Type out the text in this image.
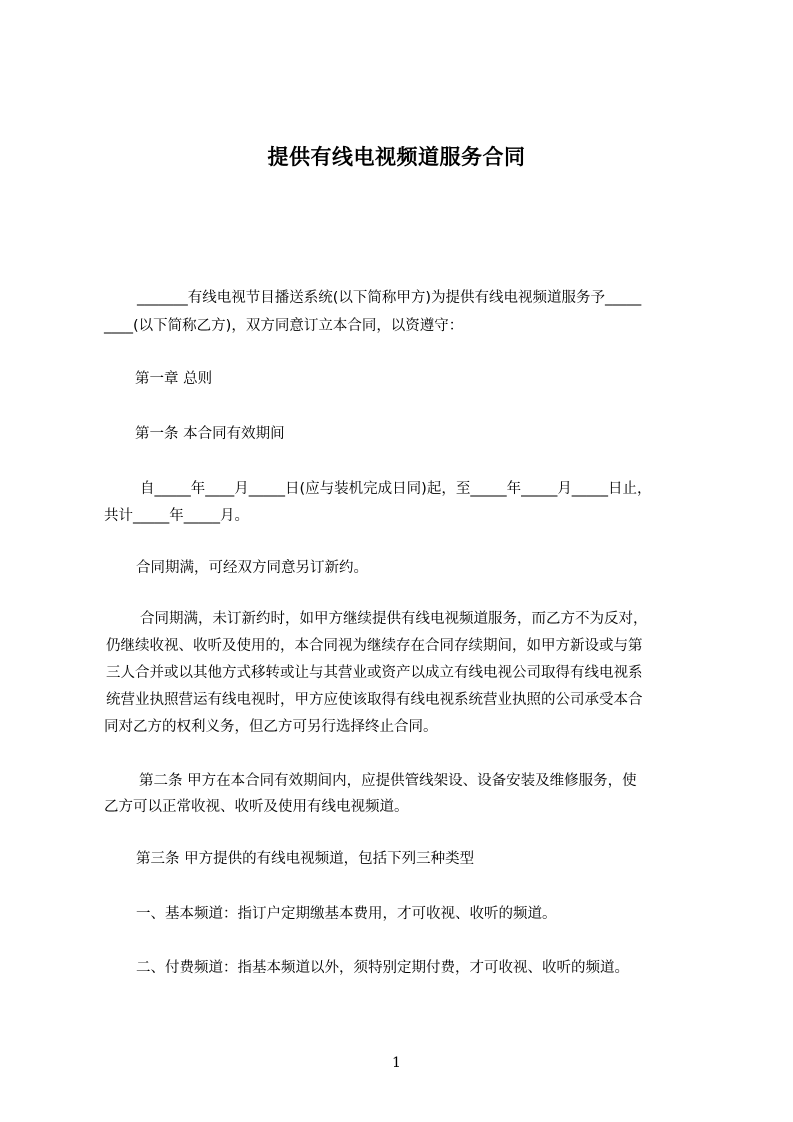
提供有线电视频道服务合同
_______有线电视节目播送系统(以下简称甲方)为提供有线电视频道服务予_____
____(以下简称乙方)，双方同意订立本合同，以资遵守：
第一章 总则
第一条 本合同有效期间
自_____年____月_____日(应与装机完成日同)起，至_____年_____月_____日止，
共计_____年_____月。
合同期满，可经双方同意另订新约。
合同期满，未订新约时，如甲方继续提供有线电视频道服务，而乙方不为反对，
仍继续收视、收听及使用的，本合同视为继续存在合同存续期间，如甲方新设或与第
三人合并或以其他方式移转或让与其营业或资产以成立有线电视公司取得有线电视系
统营业执照营运有线电视时，甲方应使该取得有线电视系统营业执照的公司承受本合
同对乙方的权利义务，但乙方可另行选择终止合同。
第二条 甲方在本合同有效期间内，应提供管线架设、设备安装及维修服务，使
乙方可以正常收视、收听及使用有线电视频道。
第三条 甲方提供的有线电视频道，包括下列三种类型
一、基本频道：指订户定期缴基本费用，才可收视、收听的频道。
二、付费频道：指基本频道以外，须特别定期付费，才可收视、收听的频道。
1
